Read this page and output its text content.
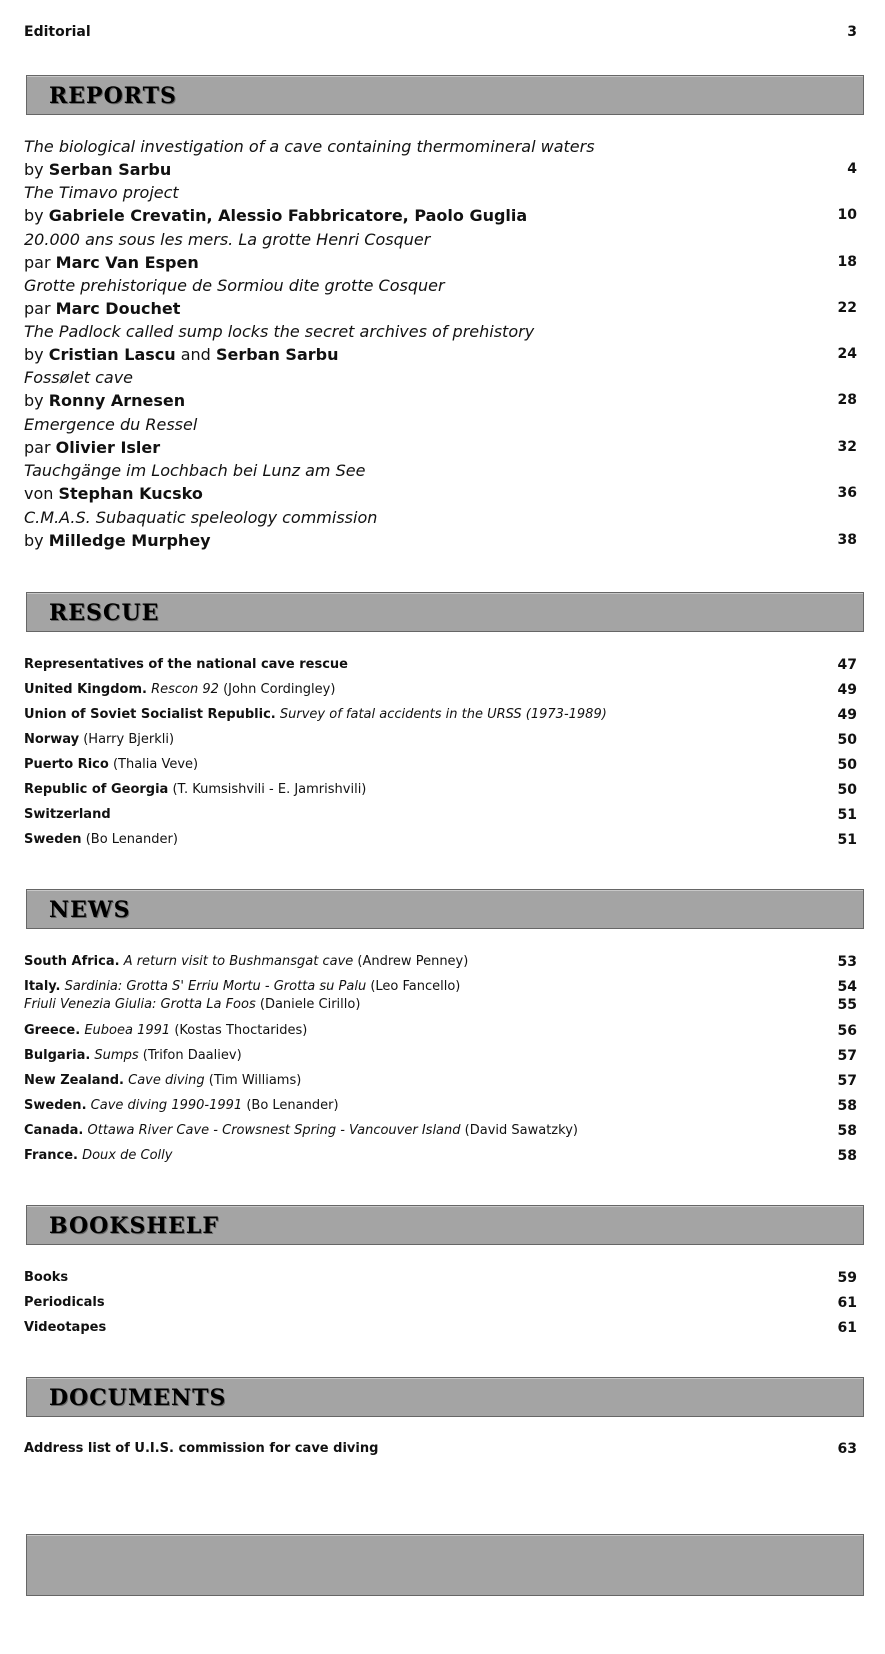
Editorial	3
REPORTS
The biological investigation of a cave containing thermomineral waters
by Serban Sarbu	4
The Timavo project
by Gabriele Crevatin, Alessio Fabbricatore, Paolo Guglia	10
20.000 ans sous les mers. La grotte Henri Cosquer
par Marc Van Espen	18
Grotte prehistorique de Sormiou dite grotte Cosquer
par Marc Douchet	22
The Padlock called sump locks the secret archives of prehistory
by Cristian Lascu and Serban Sarbu	24
Fossølet cave
by Ronny Arnesen	28
Emergence du Ressel
par Olivier Isler	32
Tauchgänge im Lochbach bei Lunz am See
von Stephan Kucsko	36
C.M.A.S. Subaquatic speleology commission
by Milledge Murphey	38
RESCUE
Representatives of the national cave rescue	47
United Kingdom. Rescon 92 (John Cordingley)	49
Union of Soviet Socialist Republic. Survey of fatal accidents in the URSS (1973-1989)	49
Norway (Harry Bjerkli)	50
Puerto Rico (Thalia Veve)	50
Republic of Georgia (T. Kumsishvili - E. Jamrishvili)	50
Switzerland	51
Sweden (Bo Lenander)	51
NEWS
South Africa. A return visit to Bushmansgat cave (Andrew Penney)	53
Italy. Sardinia: Grotta S' Erriu Mortu - Grotta su Palu (Leo Fancello)	54
Friuli Venezia Giulia: Grotta La Foos (Daniele Cirillo)	55
Greece. Euboea 1991 (Kostas Thoctarides)	56
Bulgaria. Sumps (Trifon Daaliev)	57
New Zealand. Cave diving (Tim Williams)	57
Sweden. Cave diving 1990-1991 (Bo Lenander)	58
Canada. Ottawa River Cave - Crowsnest Spring - Vancouver Island (David Sawatzky)	58
France. Doux de Colly	58
BOOKSHELF
Books	59
Periodicals	61
Videotapes	61
DOCUMENTS
Address list of U.I.S. commission for cave diving	63
